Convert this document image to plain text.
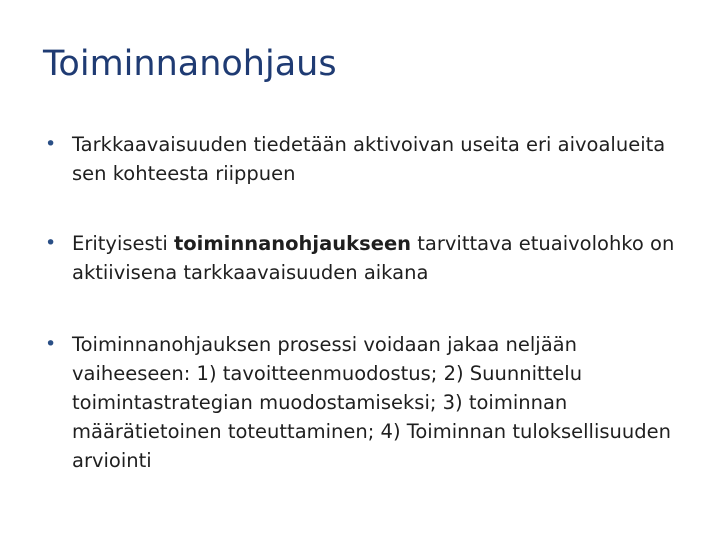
Toiminnanohjaus
• Tarkkaavaisuuden tiedetään aktivoivan useita eri aivoalueita sen kohteesta riippuen
• Erityisesti toiminnanohjaukseen tarvittava etuaivolohko on aktiivisena tarkkaavaisuuden aikana
• Toiminnanohjauksen prosessi voidaan jakaa neljään vaiheeseen: 1) tavoitteenmuodostus; 2) Suunnittelu toimintastrategian muodostamiseksi; 3) toiminnan määrätietoinen toteuttaminen; 4) Toiminnan tuloksellisuuden arviointi
